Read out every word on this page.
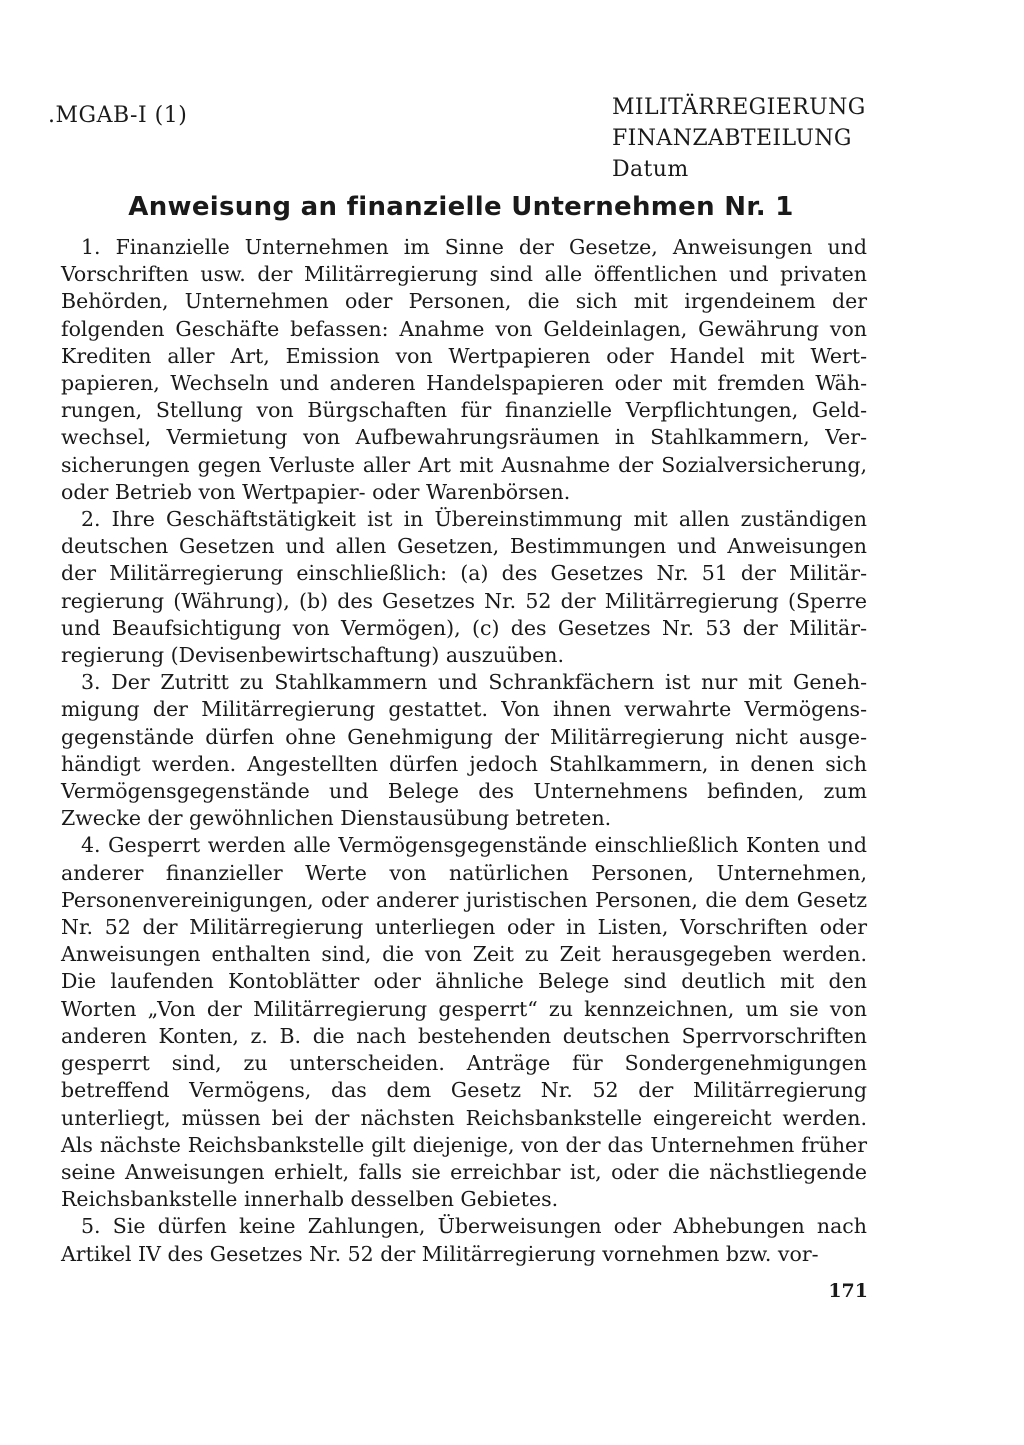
.MGAB-I (1)	MILITÄRREGIERUNG
FINANZABTEILUNG
Datum
Anweisung an finanzielle Unternehmen Nr. 1

1. Finanzielle Unternehmen im Sinne der Gesetze, Anweisungen und Vorschriften usw. der Militärregierung sind alle öffentlichen und privaten Behörden, Unternehmen oder Personen, die sich mit irgendeinem der folgenden Geschäfte befassen: Anahme von Geldeinlagen, Gewährung von Krediten aller Art, Emission von Wertpapieren oder Handel mit Wertpapieren, Wechseln und anderen Handelspapieren oder mit fremden Währungen, Stellung von Bürgschaften für finanzielle Verpflichtungen, Geldwechsel, Vermietung von Aufbewahrungsräumen in Stahlkammern, Versicherungen gegen Verluste aller Art mit Ausnahme der Sozialversicherung, oder Betrieb von Wertpapier- oder Warenbörsen.

2. Ihre Geschäftstätigkeit ist in Übereinstimmung mit allen zuständigen deutschen Gesetzen und allen Gesetzen, Bestimmungen und Anweisungen der Militärregierung einschließlich: (a) des Gesetzes Nr. 51 der Militärregierung (Währung), (b) des Gesetzes Nr. 52 der Militärregierung (Sperre und Beaufsichtigung von Vermögen), (c) des Gesetzes Nr. 53 der Militärregierung (Devisenbewirtschaftung) auszuüben.

3. Der Zutritt zu Stahlkammern und Schrankfächern ist nur mit Genehmigung der Militärregierung gestattet. Von ihnen verwahrte Vermögensgegenstände dürfen ohne Genehmigung der Militärregierung nicht ausgehändigt werden. Angestellten dürfen jedoch Stahlkammern, in denen sich Vermögensgegenstände und Belege des Unternehmens befinden, zum Zwecke der gewöhnlichen Dienstausübung betreten.

4. Gesperrt werden alle Vermögensgegenstände einschließlich Konten und anderer finanzieller Werte von natürlichen Personen, Unternehmen, Personenvereinigungen, oder anderer juristischen Personen, die dem Gesetz Nr. 52 der Militärregierung unterliegen oder in Listen, Vorschriften oder Anweisungen enthalten sind, die von Zeit zu Zeit herausgegeben werden. Die laufenden Kontoblätter oder ähnliche Belege sind deutlich mit den Worten „Von der Militärregierung gesperrt“ zu kennzeichnen, um sie von anderen Konten, z. B. die nach bestehenden deutschen Sperrvorschriften gesperrt sind, zu unterscheiden. Anträge für Sondergenehmigungen betreffend Vermögens, das dem Gesetz Nr. 52 der Militärregierung unterliegt, müssen bei der nächsten Reichsbankstelle eingereicht werden. Als nächste Reichsbankstelle gilt diejenige, von der das Unternehmen früher seine Anweisungen erhielt, falls sie erreichbar ist, oder die nächstliegende Reichsbankstelle innerhalb desselben Gebietes.

5. Sie dürfen keine Zahlungen, Überweisungen oder Abhebungen nach Artikel IV des Gesetzes Nr. 52 der Militärregierung vornehmen bzw. vor-

171
